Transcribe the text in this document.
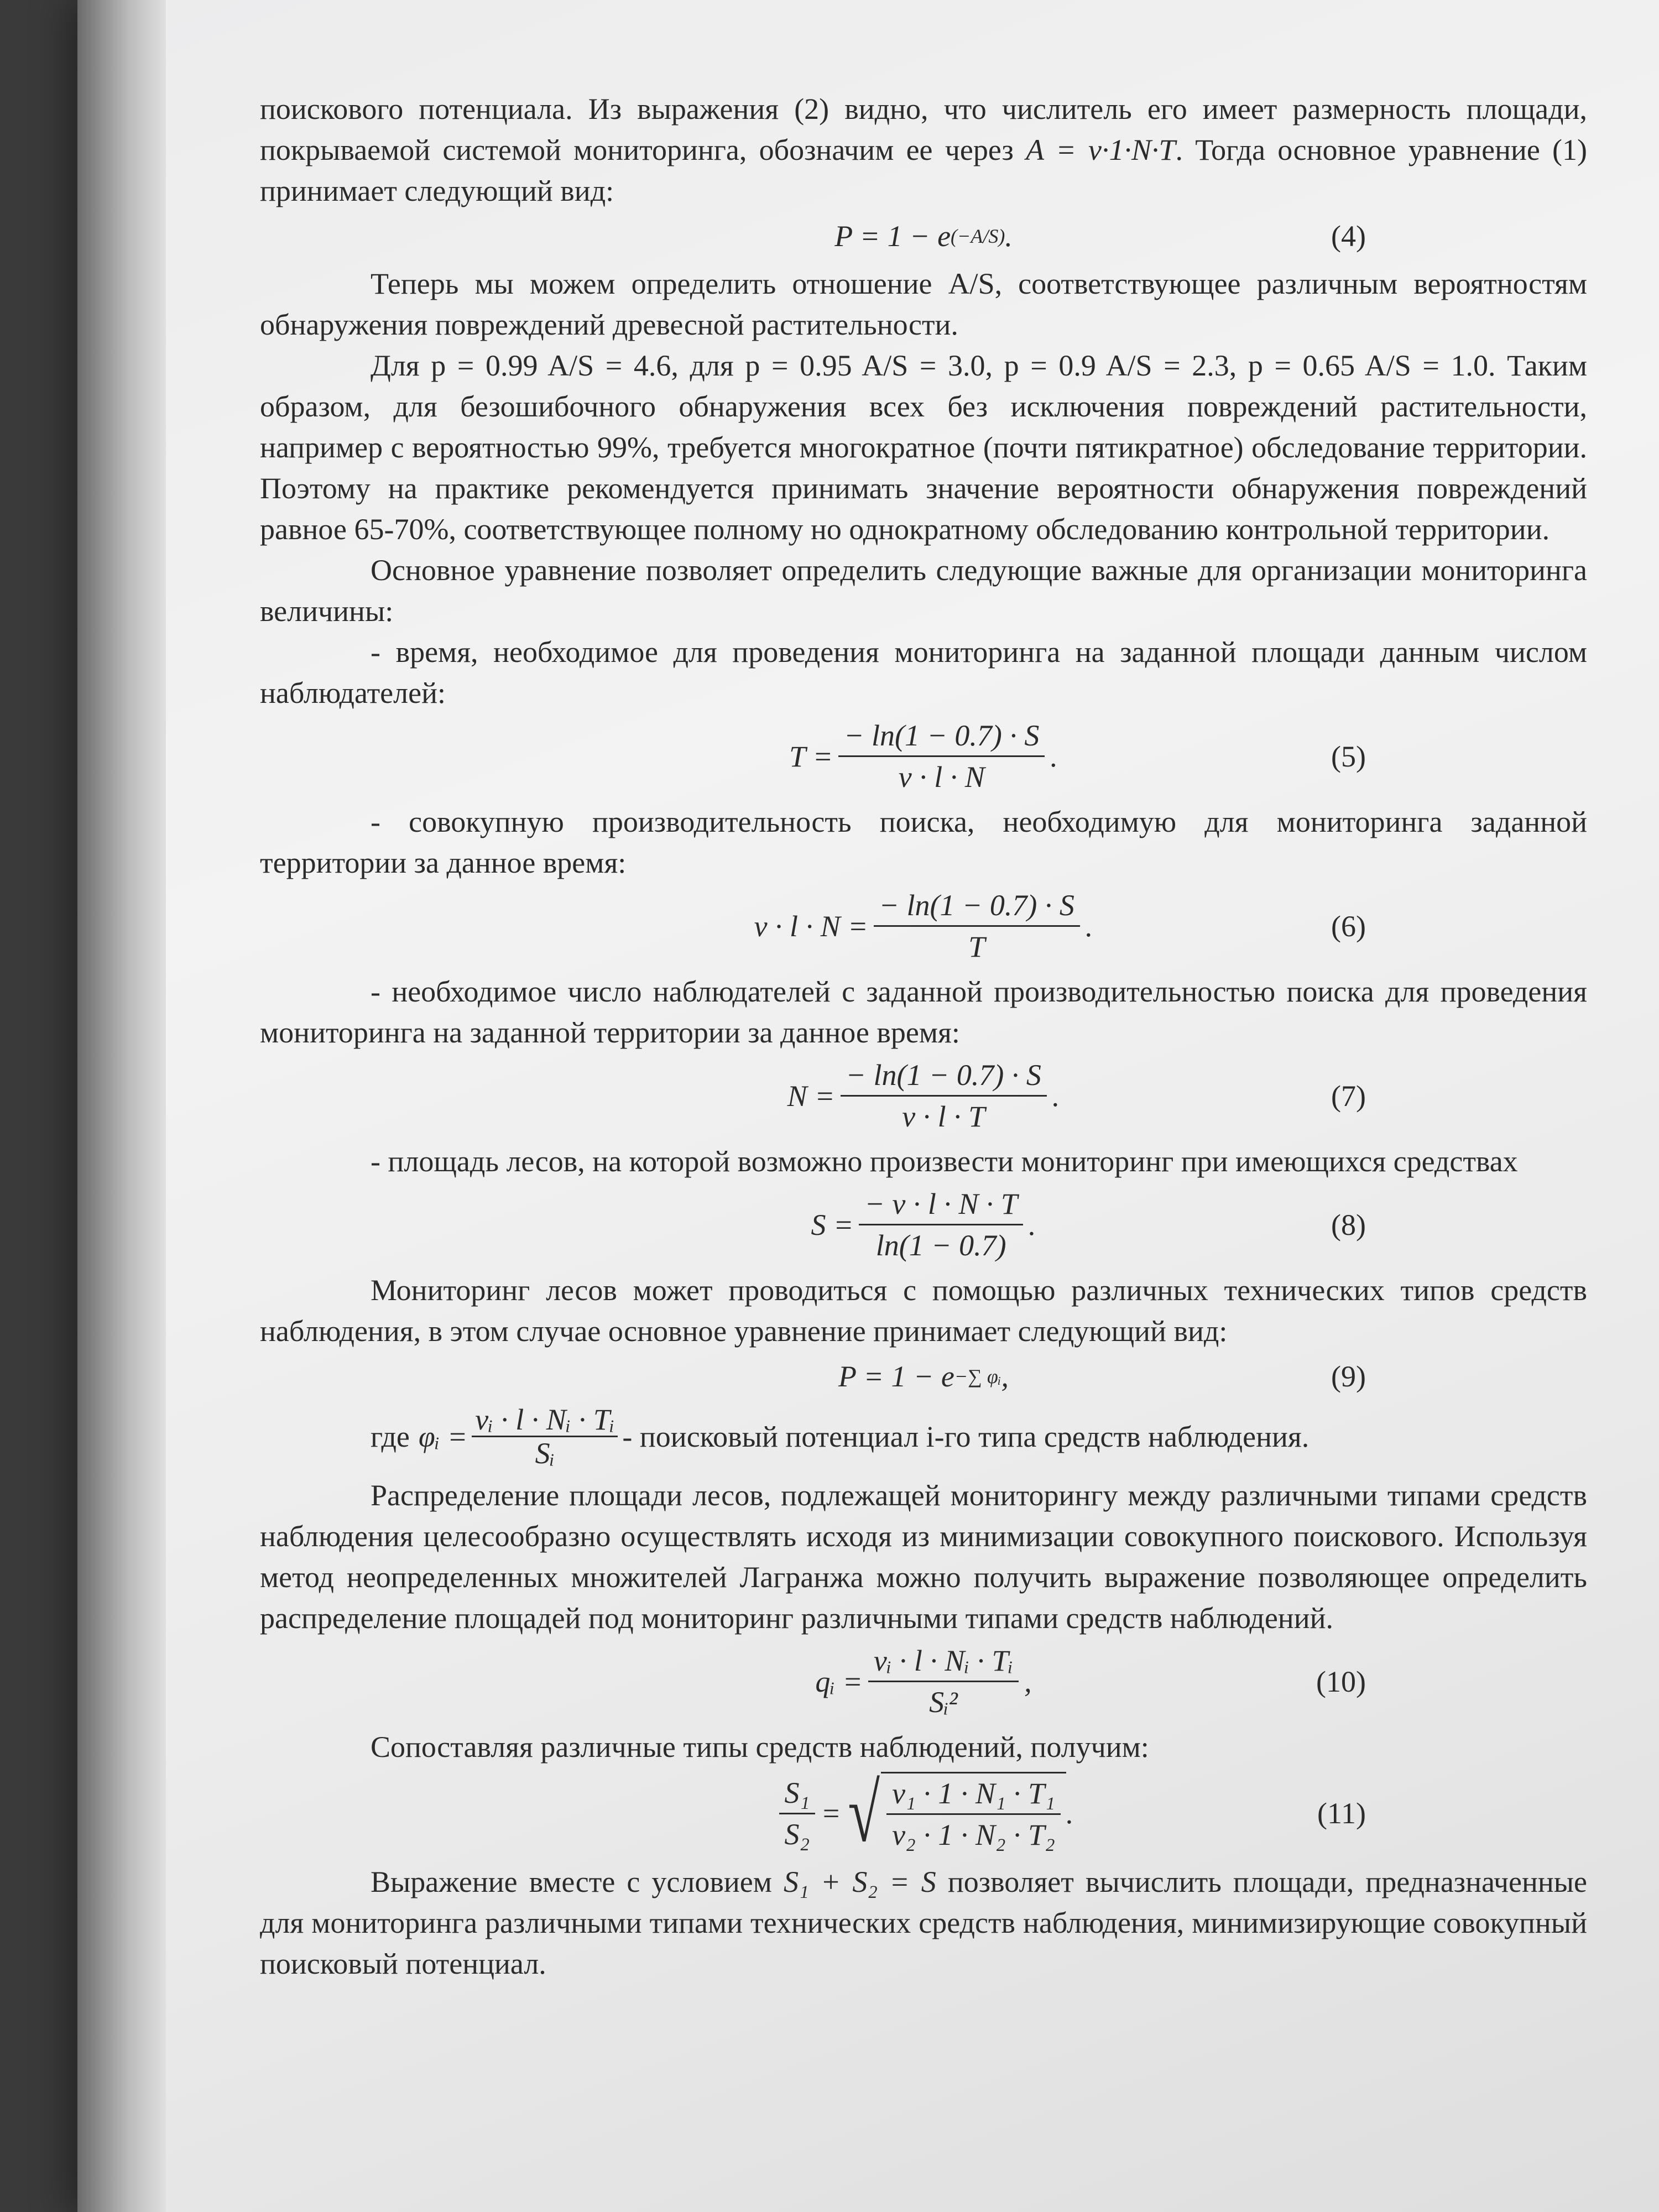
поискового потенциала. Из выражения (2) видно, что числитель его имеет размерность площади, покрываемой системой мониторинга, обозначим ее через A = v·1·N·T. Тогда основное уравнение (1) принимает следующий вид:

P = 1 − e (−A/S) .	(4)

Теперь мы можем определить отношение A/S, соответствующее различным вероятностям обнаружения повреждений древесной растительности.

Для p = 0.99 A/S = 4.6, для p = 0.95 A/S = 3.0, p = 0.9 A/S = 2.3, p = 0.65 A/S = 1.0. Таким образом, для безошибочного обнаружения всех без исключения повреждений растительности, например с вероятностью 99%, требуется многократное (почти пятикратное) обследование территории. Поэтому на практике рекомендуется принимать значение вероятности обнаружения повреждений равное 65-70%, соответствующее полному но однократному обследованию контрольной территории.

Основное уравнение позволяет определить следующие важные для организации мониторинга величины:

- время, необходимое для проведения мониторинга на заданной площади данным числом наблюдателей:

$T = \frac{- \ln(1 - 0.7) \cdot S}{v \cdot l \cdot N}$ .	(5)

- совокупную производительность поиска, необходимую для мониторинга заданной территории за данное время:

$v \cdot l \cdot N = \frac{- \ln(1 - 0.7) \cdot S}{T}$ .	(6)

- необходимое число наблюдателей с заданной производительностью поиска для проведения мониторинга на заданной территории за данное время:

$N = \frac{- \ln(1 - 0.7) \cdot S}{v \cdot l \cdot T}$ .	(7)

- площадь лесов, на которой возможно произвести мониторинг при имеющихся средствах

$S = \frac{- v \cdot l \cdot N \cdot T}{\ln(1 - 0.7)}$ .	(8)

Мониторинг лесов может проводиться с помощью различных технических типов средств наблюдения, в этом случае основное уравнение принимает следующий вид:

P = 1 − e −∑ φᵢ ,	(9)

где φᵢ = $\frac{\text{vᵢ · l · Nᵢ · Tᵢ}}{\text{Sᵢ}}$ - поисковый потенциал i-го типа средств наблюдения.

Распределение площади лесов, подлежащей мониторингу между различными типами средств наблюдения целесообразно осуществлять исходя из минимизации совокупного поискового. Используя метод неопределенных множителей Лагранжа можно получить выражение позволяющее определить распределение площадей под мониторинг различными типами средств наблюдений.

qᵢ = $\frac{\text{vᵢ · l · Nᵢ · Tᵢ}}{\text{Sᵢ²}}$ ,	(10)

Сопоставляя различные типы средств наблюдений, получим:

$\frac{\text{S₁}}{\text{S₂}}$ = √ $\frac{\text{v₁ · 1 · N₁ · T₁}}{\text{v₂ · 1 · N₂ · T₂}}$ .	(11)

Выражение вместе с условием S₁ + S₂ = S позволяет вычислить площади, предназначенные для мониторинга различными типами технических средств наблюдения, минимизирующие совокупный поисковый потенциал.
